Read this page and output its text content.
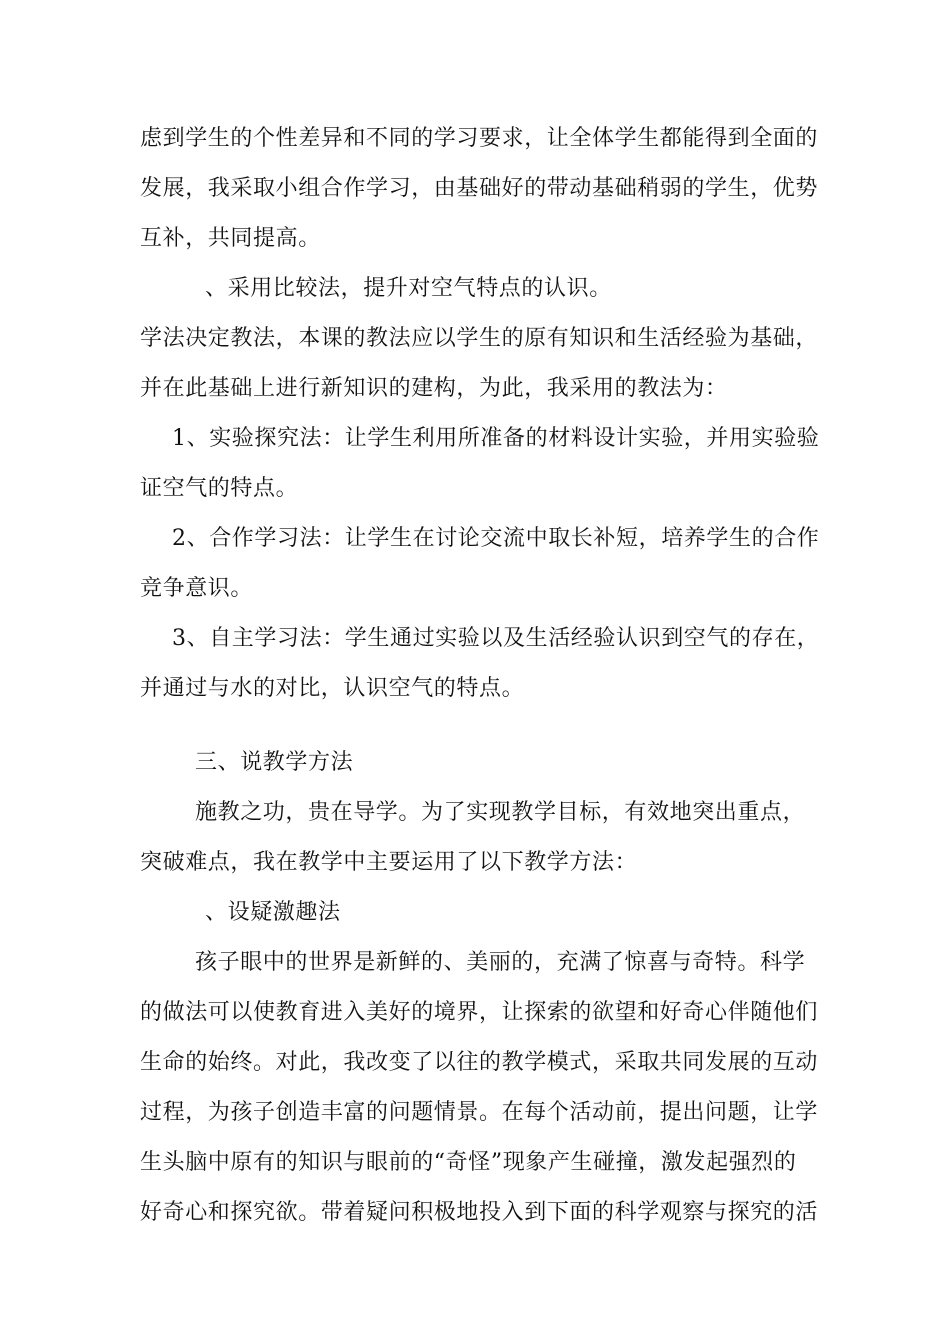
虑到学生的个性差异和不同的学习要求，让全体学生都能得到全面的
发展，我采取小组合作学习，由基础好的带动基础稍弱的学生，优势
互补，共同提高。
、采用比较法，提升对空气特点的认识。
学法决定教法，本课的教法应以学生的原有知识和生活经验为基础，
并在此基础上进行新知识的建构，为此，我采用的教法为：
1、实验探究法：让学生利用所准备的材料设计实验，并用实验验
证空气的特点。
2、合作学习法：让学生在讨论交流中取长补短，培养学生的合作
竞争意识。
3、自主学习法：学生通过实验以及生活经验认识到空气的存在，
并通过与水的对比，认识空气的特点。
三、说教学方法
施教之功，贵在导学。为了实现教学目标，有效地突出重点，
突破难点，我在教学中主要运用了以下教学方法：
、设疑激趣法
孩子眼中的世界是新鲜的、美丽的，充满了惊喜与奇特。科学
的做法可以使教育进入美好的境界，让探索的欲望和好奇心伴随他们
生命的始终。对此，我改变了以往的教学模式，采取共同发展的互动
过程，为孩子创造丰富的问题情景。在每个活动前，提出问题，让学
生头脑中原有的知识与眼前的“奇怪”现象产生碰撞，激发起强烈的
好奇心和探究欲。带着疑问积极地投入到下面的科学观察与探究的活
